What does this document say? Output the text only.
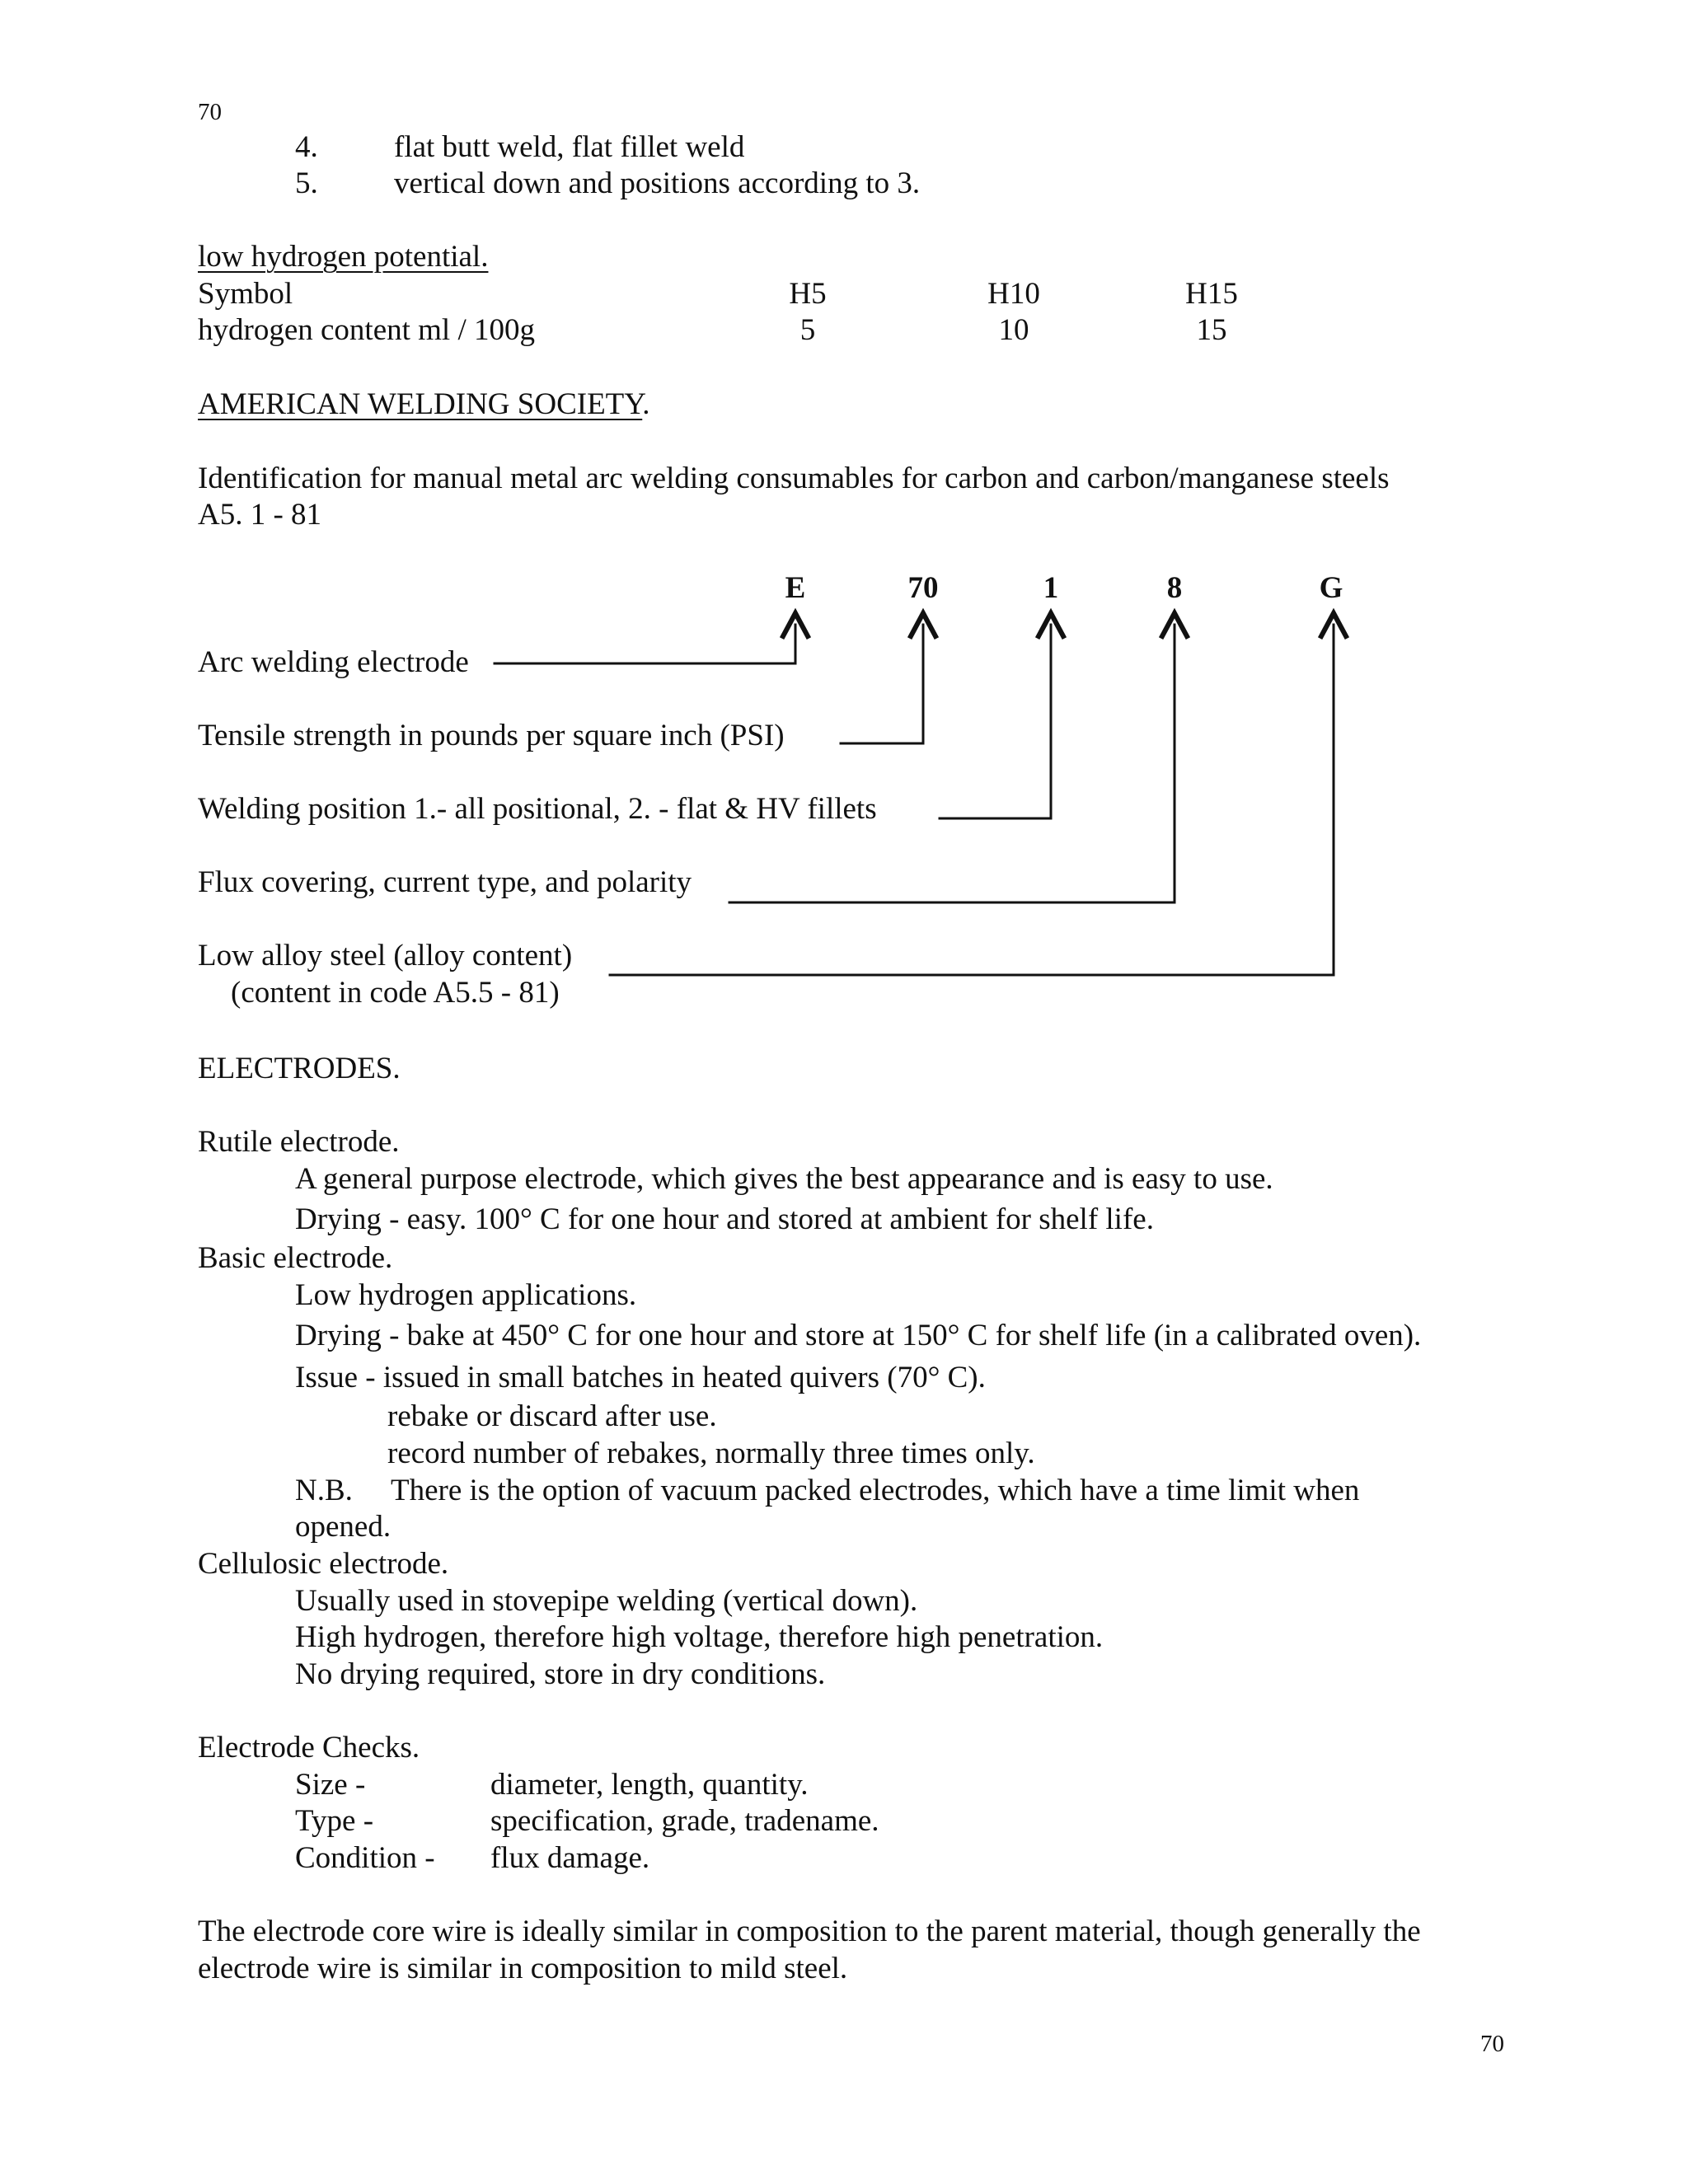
70
4. flat butt weld, flat fillet weld
5. vertical down and positions according to 3.
low hydrogen potential.
Symbol	H5	H10	H15
hydrogen content ml / 100g	5	10	15
AMERICAN WELDING SOCIETY.
Identification for manual metal arc welding consumables for carbon and carbon/manganese steels
A5. 1 - 81
E	70	1	8	G
Arc welding electrode
Tensile strength in pounds per square inch (PSI)
Welding position 1.- all positional, 2. - flat & HV fillets
Flux covering, current type, and polarity
Low alloy steel (alloy content)
(content in code A5.5 - 81)
ELECTRODES.
Rutile electrode.
A general purpose electrode, which gives the best appearance and is easy to use.
Drying - easy. 100° C for one hour and stored at ambient for shelf life.
Basic electrode.
Low hydrogen applications.
Drying - bake at 450° C for one hour and store at 150° C for shelf life (in a calibrated oven).
Issue - issued in small batches in heated quivers (70° C).
rebake or discard after use.
record number of rebakes, normally three times only.
N.B. There is the option of vacuum packed electrodes, which have a time limit when
opened.
Cellulosic electrode.
Usually used in stovepipe welding (vertical down).
High hydrogen, therefore high voltage, therefore high penetration.
No drying required, store in dry conditions.
Electrode Checks.
Size -	diameter, length, quantity.
Type -	specification, grade, tradename.
Condition - flux damage.
The electrode core wire is ideally similar in composition to the parent material, though generally the
electrode wire is similar in composition to mild steel.
70
